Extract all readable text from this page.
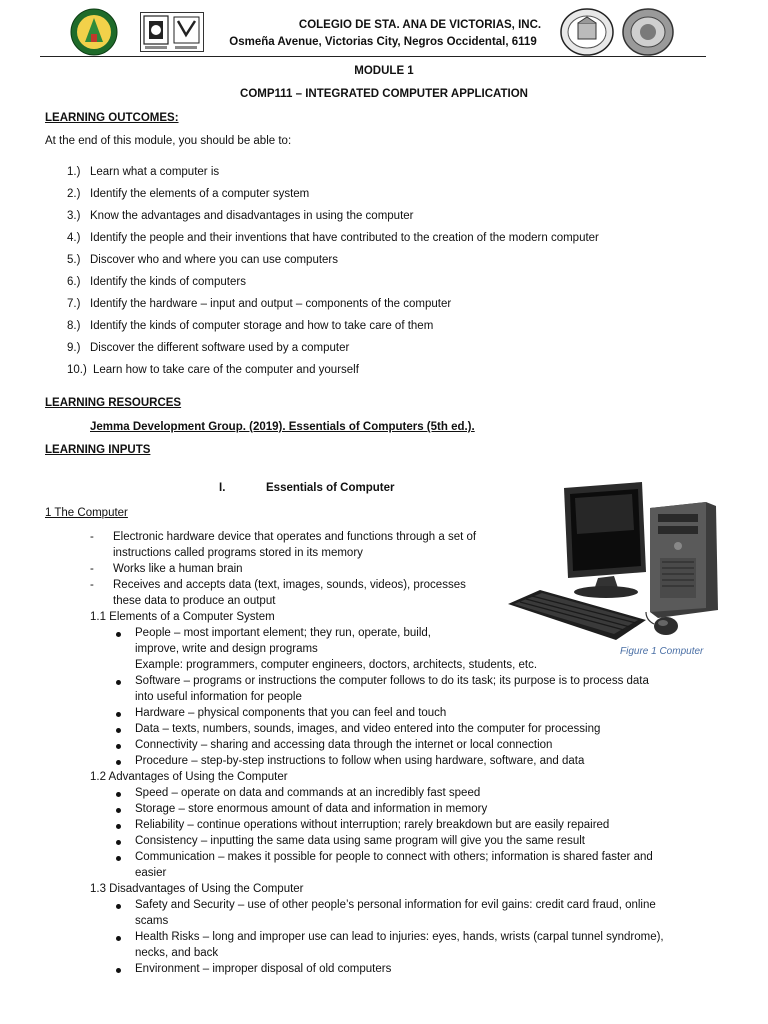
COLEGIO DE STA. ANA DE VICTORIAS, INC.
Osmeña Avenue, Victorias City, Negros Occidental, 6119
MODULE 1
COMP111 – INTEGRATED COMPUTER APPLICATION
LEARNING OUTCOMES:
At the end of this module, you should be able to:
1.) Learn what a computer is
2.) Identify the elements of a computer system
3.) Know the advantages and disadvantages in using the computer
4.) Identify the people and their inventions that have contributed to the creation of the modern computer
5.) Discover who and where you can use computers
6.) Identify the kinds of computers
7.) Identify the hardware – input and output – components of the computer
8.) Identify the kinds of computer storage and how to take care of them
9.) Discover the different software used by a computer
10.) Learn how to take care of the computer and yourself
LEARNING RESOURCES
Jemma Development Group. (2019). Essentials of Computers (5th ed.).
LEARNING INPUTS
I.	Essentials of Computer
1 The Computer
- Electronic hardware device that operates and functions through a set of
instructions called programs stored in its memory
- Works like a human brain
- Receives and accepts data (text, images, sounds, videos), processes
these data to produce an output
Figure 1 Computer
1.1 Elements of a Computer System
People – most important element; they run, operate, build,
improve, write and design programs
Example: programmers, computer engineers, doctors, architects, students, etc.
Software – programs or instructions the computer follows to do its task; its purpose is to process data
into useful information for people
Hardware – physical components that you can feel and touch
Data – texts, numbers, sounds, images, and video entered into the computer for processing
Connectivity – sharing and accessing data through the internet or local connection
Procedure – step-by-step instructions to follow when using hardware, software, and data
1.2 Advantages of Using the Computer
Speed – operate on data and commands at an incredibly fast speed
Storage – store enormous amount of data and information in memory
Reliability – continue operations without interruption; rarely breakdown but are easily repaired
Consistency – inputting the same data using same program will give you the same result
Communication – makes it possible for people to connect with others; information is shared faster and
easier
1.3 Disadvantages of Using the Computer
Safety and Security – use of other people’s personal information for evil gains: credit card fraud, online
scams
Health Risks – long and improper use can lead to injuries: eyes, hands, wrists (carpal tunnel syndrome),
necks, and back
Environment – improper disposal of old computers
